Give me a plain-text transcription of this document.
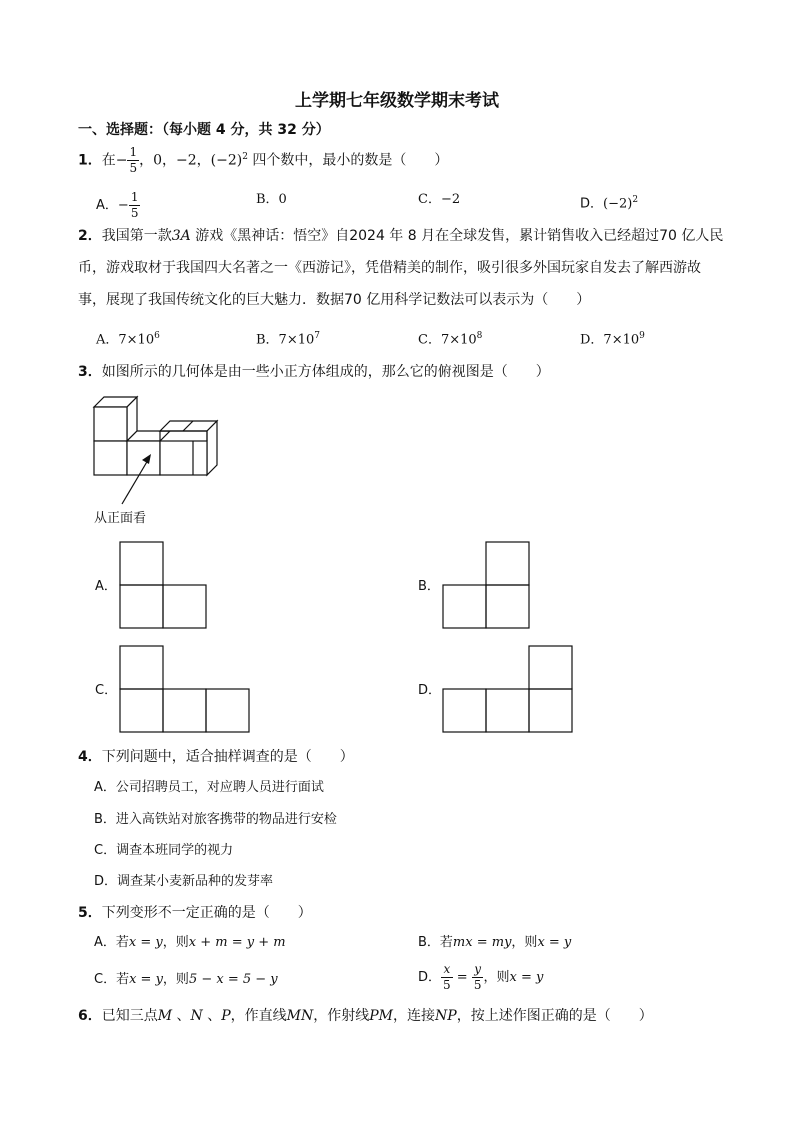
上学期七年级数学期末考试
一、选择题：（每小题 4 分，共 32 分）
1．在− $\frac{1}{5}$ ，0，−2，$(-2)^2$ 四个数中，最小的数是（　　）
A．− $\frac{1}{5}$	B．0	C．−2	D．$(-2)^2$
2．我国第一款3A 游戏《黑神话：悟空》自2024 年 8 月在全球发售，累计销售收入已经超过70 亿人民
币，游戏取材于我国四大名著之一《西游记》，凭借精美的制作，吸引很多外国玩家自发去了解西游故
事，展现了我国传统文化的巨大魅力．数据70 亿用科学记数法可以表示为（　　）
A．$7\times 10^6$	B．$7\times 10^7$	C．$7\times 10^8$	D．$7\times 10^9$
3．如图所示的几何体是由一些小正方体组成的，那么它的俯视图是（　　）
从正面看
A．	B．
C．	D．
4．下列问题中，适合抽样调查的是（　　）
A．公司招聘员工，对应聘人员进行面试
B．进入高铁站对旅客携带的物品进行安检
C．调查本班同学的视力
D．调查某小麦新品种的发芽率
5．下列变形不一定正确的是（　　）
A．若x = y，则x + m = y + m	B．若mx = my，则x = y
C．若x = y，则5 − x = 5 − y	D． $\frac{x}{5} = \frac{y}{5}$ ，则x = y
6．已知三点M 、N 、P，作直线MN，作射线PM，连接NP，按上述作图正确的是（　　）
